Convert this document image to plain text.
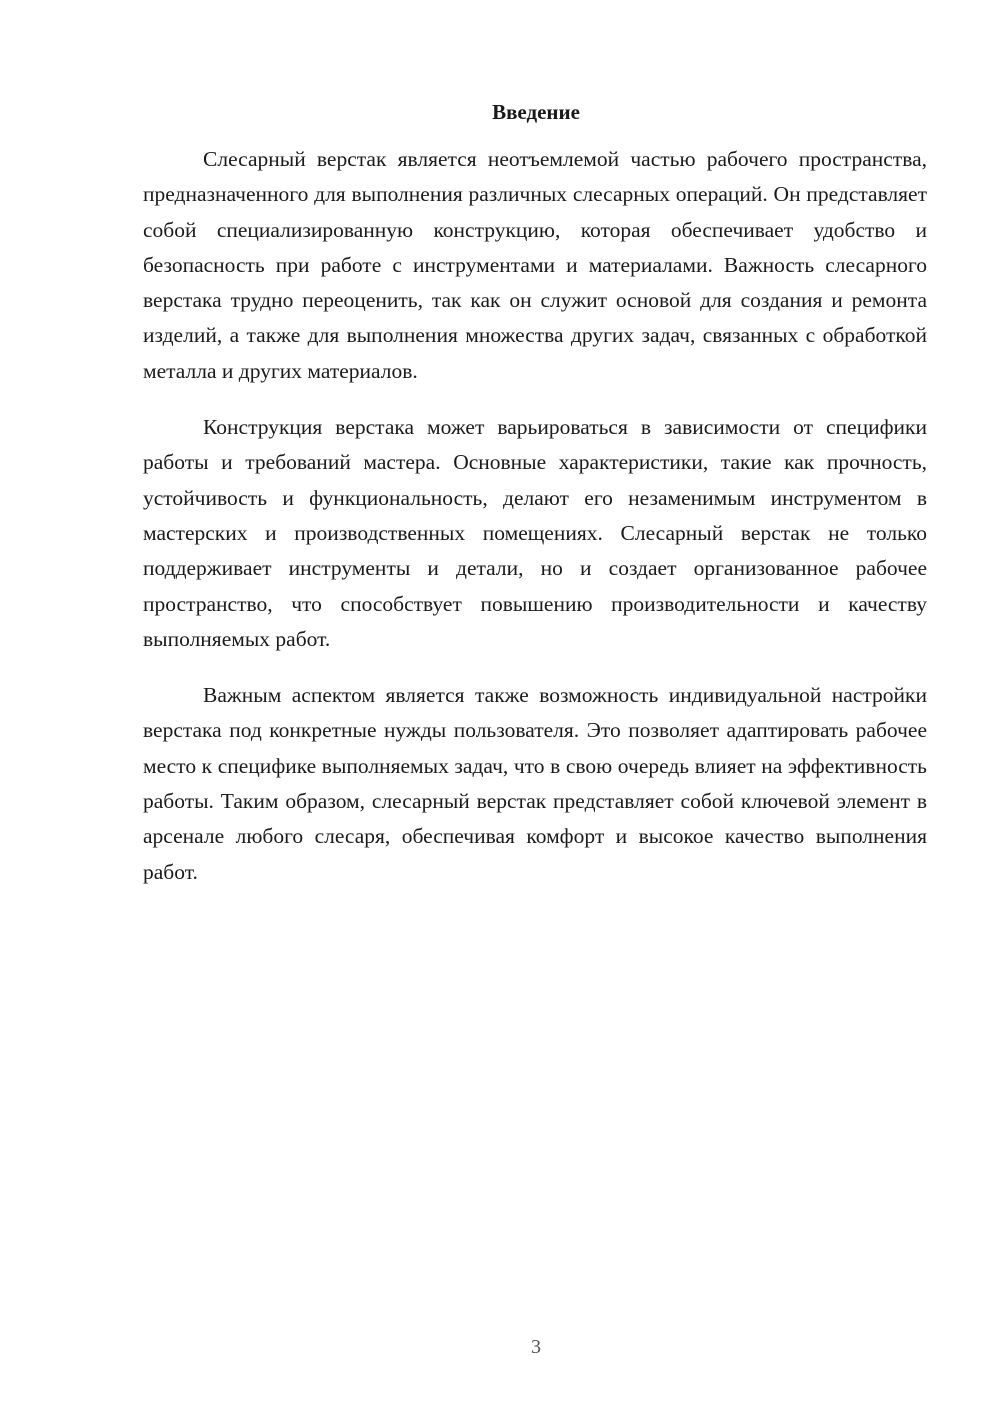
Введение

Слесарный верстак является неотъемлемой частью рабочего пространства, предназначенного для выполнения различных слесарных операций. Он представляет собой специализированную конструкцию, которая обеспечивает удобство и безопасность при работе с инструментами и материалами. Важность слесарного верстака трудно переоценить, так как он служит основой для создания и ремонта изделий, а также для выполнения множества других задач, связанных с обработкой металла и других материалов.

Конструкция верстака может варьироваться в зависимости от специфики работы и требований мастера. Основные характеристики, такие как прочность, устойчивость и функциональность, делают его незаменимым инструментом в мастерских и производственных помещениях. Слесарный верстак не только поддерживает инструменты и детали, но и создает организованное рабочее пространство, что способствует повышению производительности и качеству выполняемых работ.

Важным аспектом является также возможность индивидуальной настройки верстака под конкретные нужды пользователя. Это позволяет адаптировать рабочее место к специфике выполняемых задач, что в свою очередь влияет на эффективность работы. Таким образом, слесарный верстак представляет собой ключевой элемент в арсенале любого слесаря, обеспечивая комфорт и высокое качество выполнения работ.

3
